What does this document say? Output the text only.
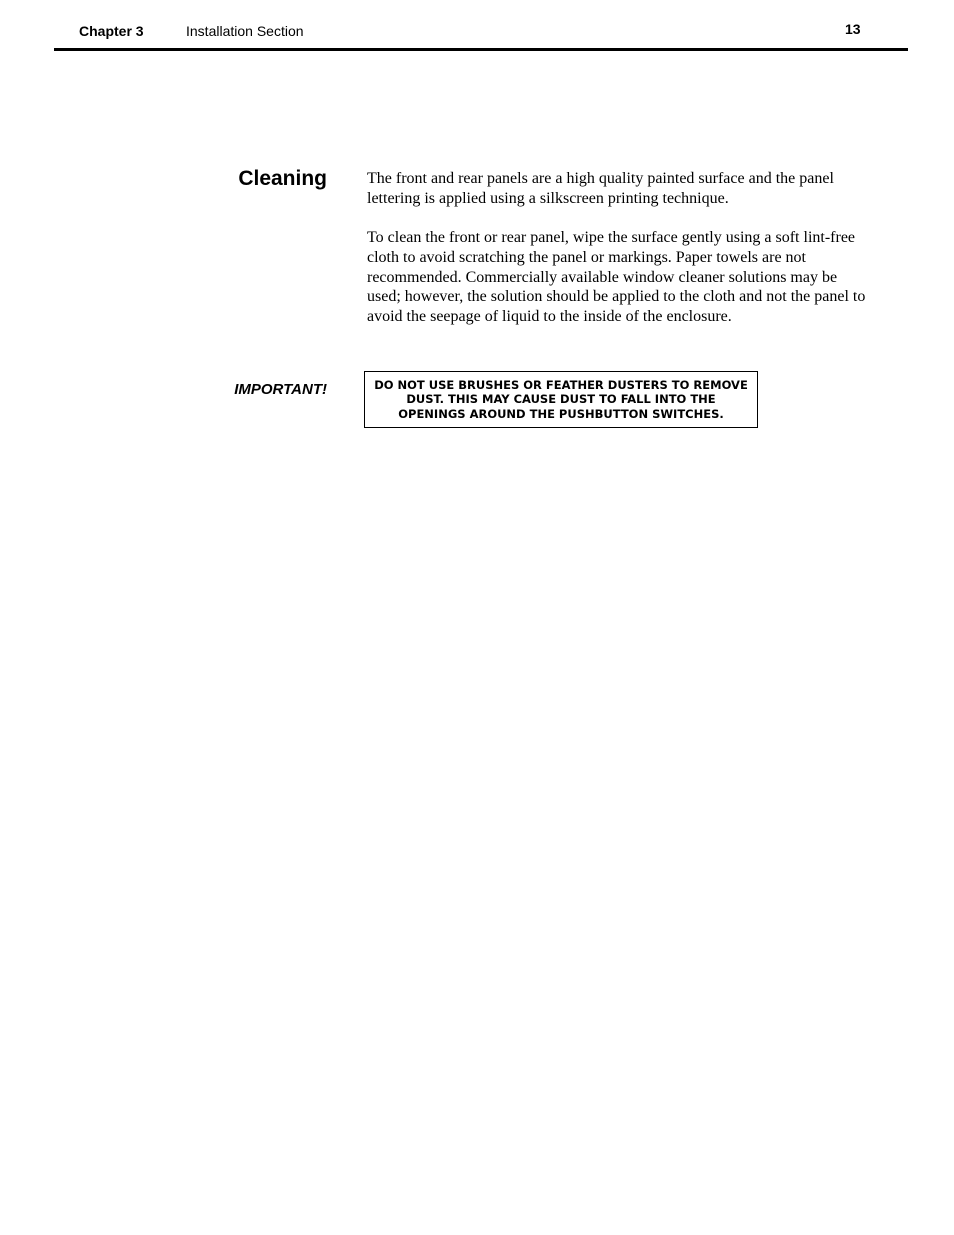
Chapter 3	Installation Section	13
Cleaning	The front and rear panels are a high quality painted surface and the panel lettering is applied using a silkscreen printing technique.

To clean the front or rear panel, wipe the surface gently using a soft lint-free cloth to avoid scratching the panel or markings. Paper towels are not recommended. Commercially available window cleaner solutions may be used; however, the solution should be applied to the cloth and not the panel to avoid the seepage of liquid to the inside of the enclosure.

IMPORTANT!	DO NOT USE BRUSHES OR FEATHER DUSTERS TO REMOVE DUST. THIS MAY CAUSE DUST TO FALL INTO THE OPENINGS AROUND THE PUSHBUTTON SWITCHES.
